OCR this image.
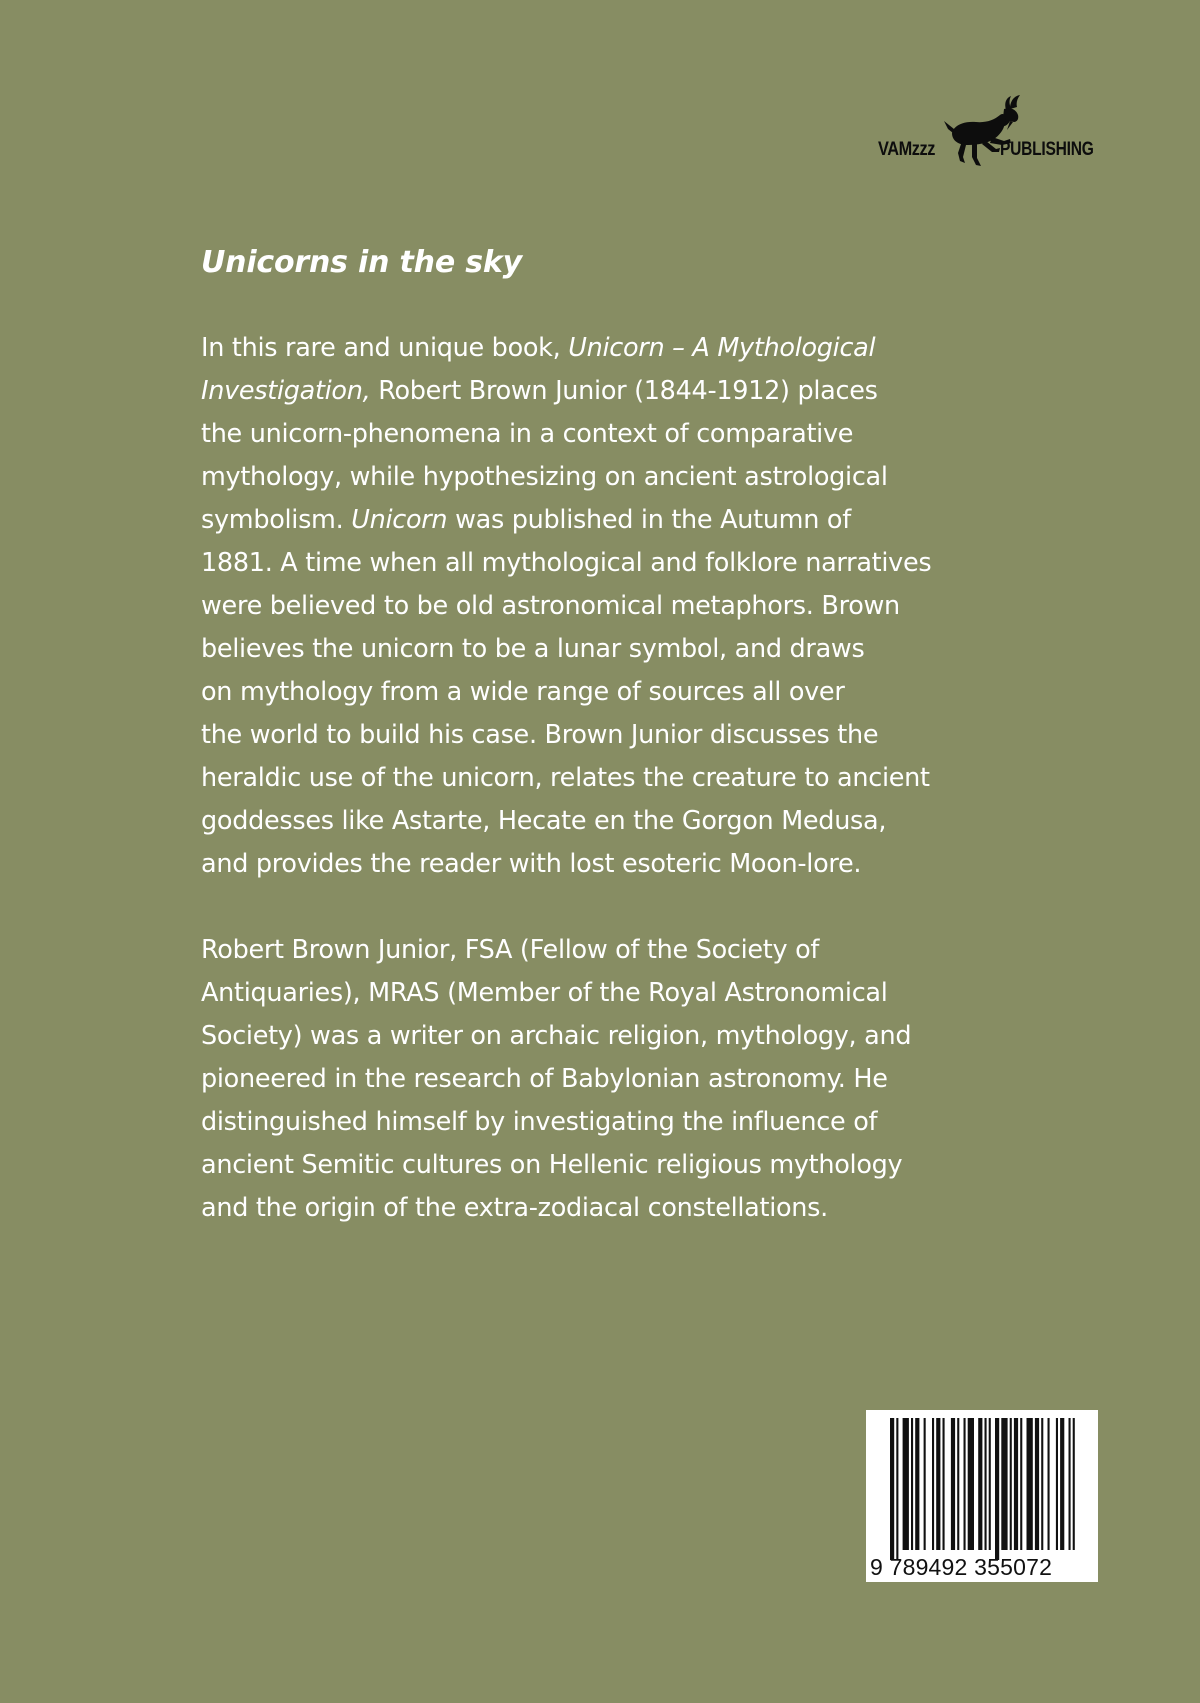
VAMzzz	PUBLISHING
Unicorns in the sky

In this rare and unique book, Unicorn – A Mythological
Investigation, Robert Brown Junior (1844-1912) places
the unicorn-phenomena in a context of comparative
mythology, while hypothesizing on ancient astrological
symbolism. Unicorn was published in the Autumn of
1881. A time when all mythological and folklore narratives
were believed to be old astronomical metaphors. Brown
believes the unicorn to be a lunar symbol, and draws
on mythology from a wide range of sources all over
the world to build his case. Brown Junior discusses the
heraldic use of the unicorn, relates the creature to ancient
goddesses like Astarte, Hecate en the Gorgon Medusa,
and provides the reader with lost esoteric Moon-lore.

Robert Brown Junior, FSA (Fellow of the Society of
Antiquaries), MRAS (Member of the Royal Astronomical
Society) was a writer on archaic religion, mythology, and
pioneered in the research of Babylonian astronomy. He
distinguished himself by investigating the influence of
ancient Semitic cultures on Hellenic religious mythology
and the origin of the extra-zodiacal constellations.

9 789492 355072
